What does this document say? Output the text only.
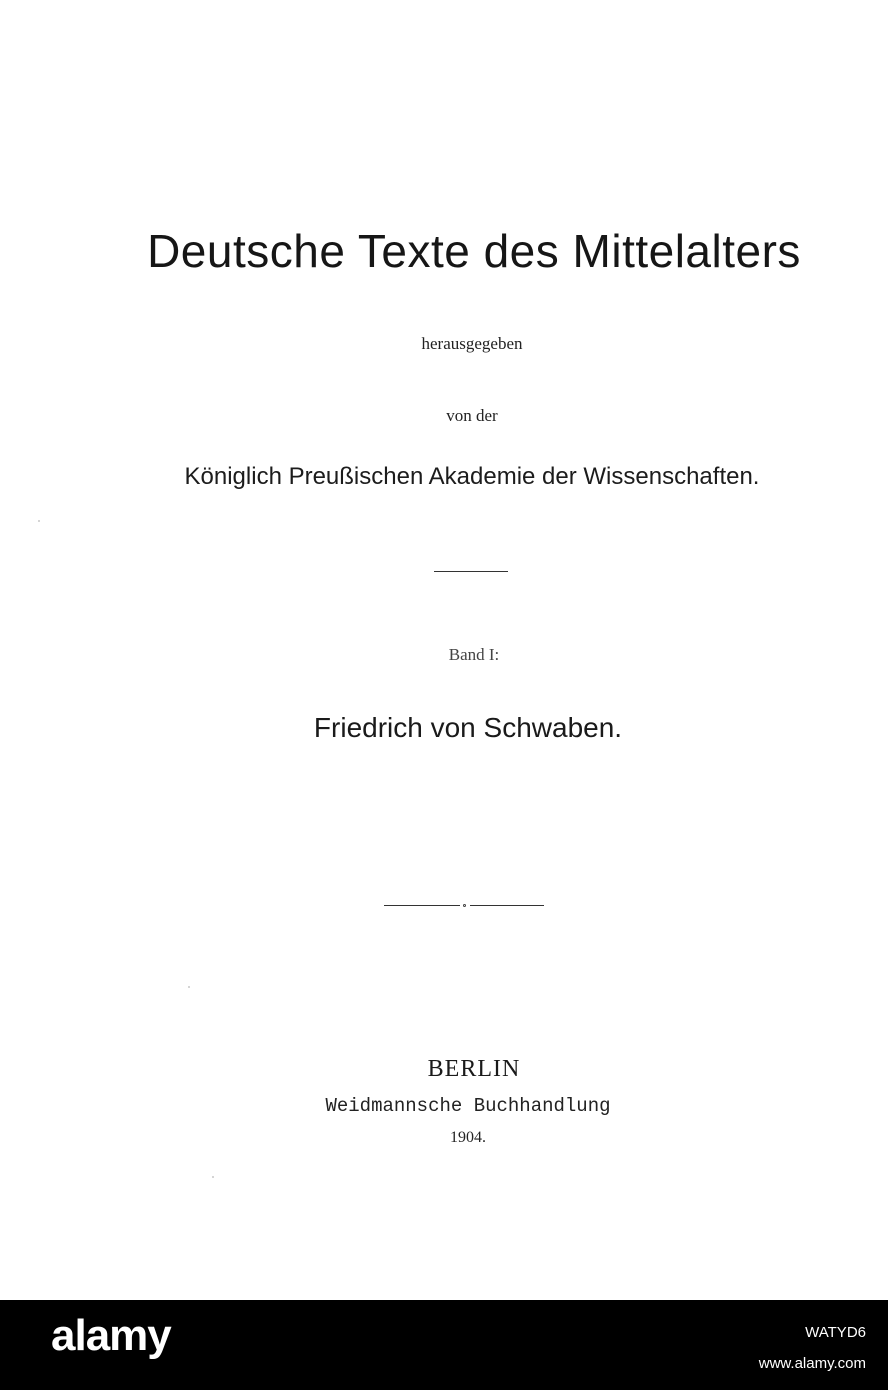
Deutsche Texte des Mittelalters
herausgegeben
von der
Königlich Preußischen Akademie der Wissenschaften.
Band I:
Friedrich von Schwaben.
BERLIN
Weidmannsche Buchhandlung
1904.
alamy	WATYD6
www.alamy.com
